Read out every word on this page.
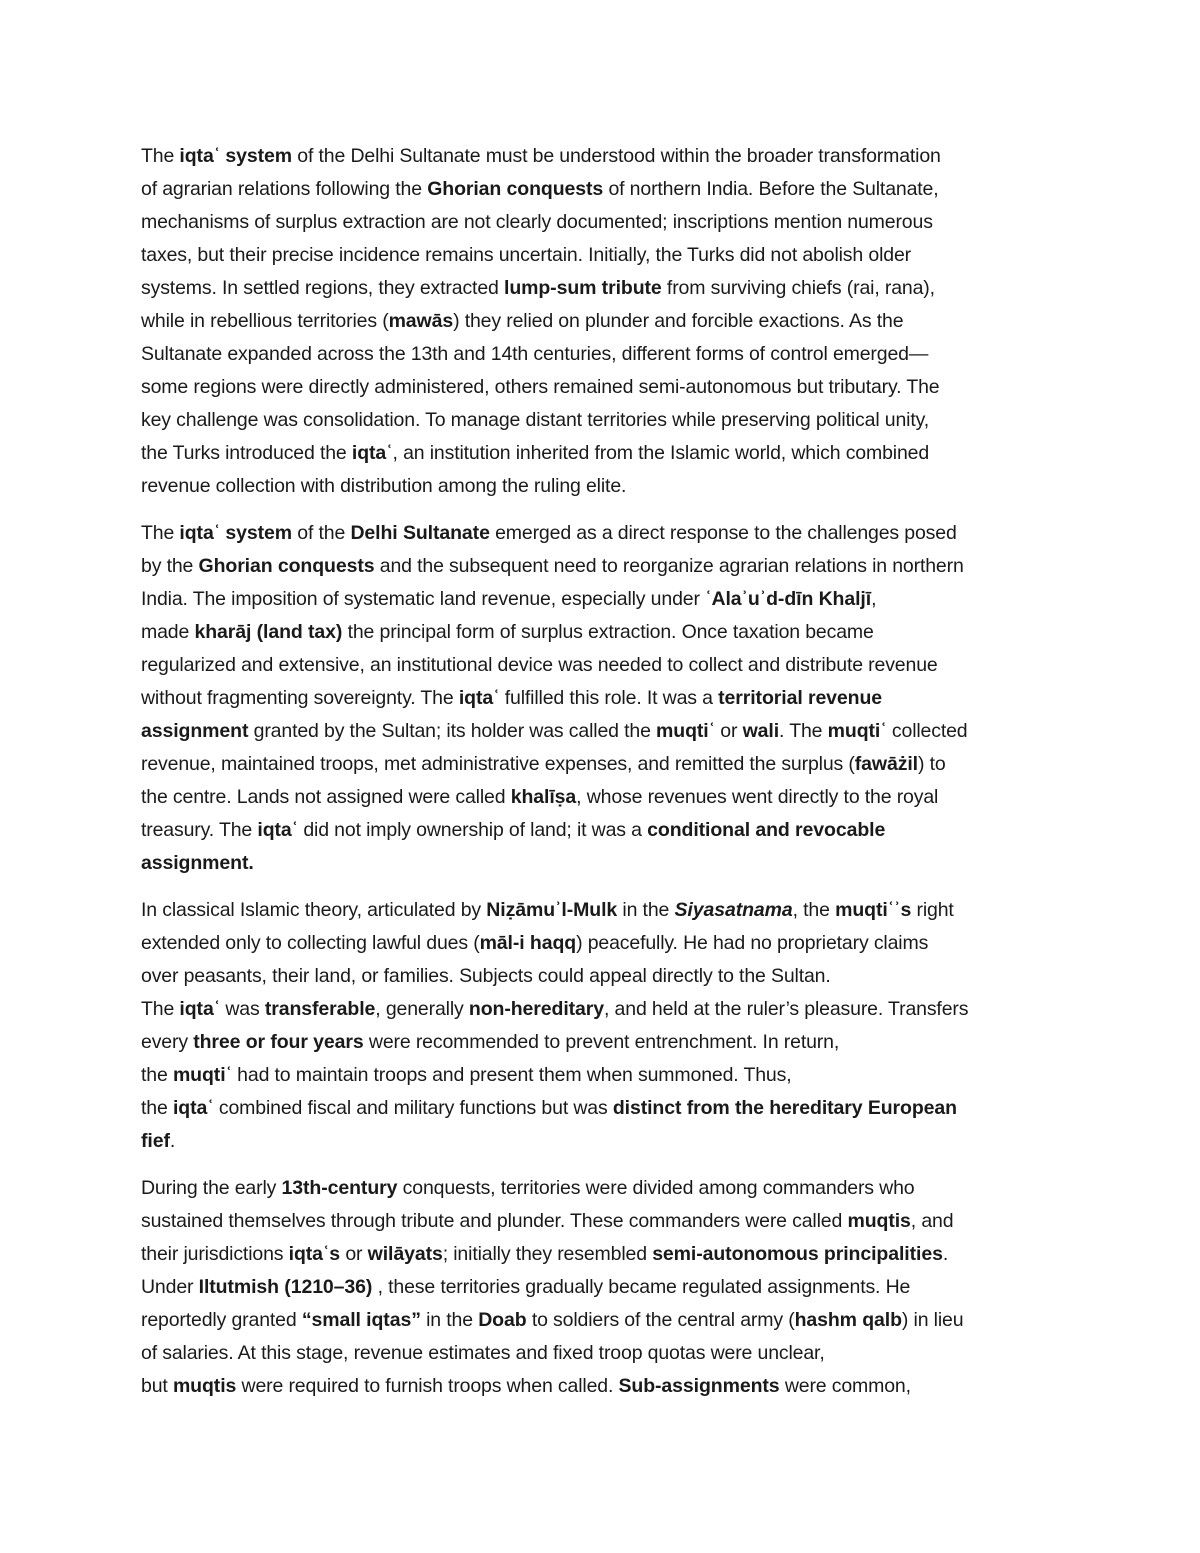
The iqtaʿ system of the Delhi Sultanate must be understood within the broader transformation
of agrarian relations following the Ghorian conquests of northern India. Before the Sultanate,
mechanisms of surplus extraction are not clearly documented; inscriptions mention numerous
taxes, but their precise incidence remains uncertain. Initially, the Turks did not abolish older
systems. In settled regions, they extracted lump-sum tribute from surviving chiefs (rai, rana),
while in rebellious territories (mawās) they relied on plunder and forcible exactions. As the
Sultanate expanded across the 13th and 14th centuries, different forms of control emerged—
some regions were directly administered, others remained semi-autonomous but tributary. The
key challenge was consolidation. To manage distant territories while preserving political unity,
the Turks introduced the iqtaʿ, an institution inherited from the Islamic world, which combined
revenue collection with distribution among the ruling elite.

The iqtaʿ system of the Delhi Sultanate emerged as a direct response to the challenges posed
by the Ghorian conquests and the subsequent need to reorganize agrarian relations in northern
India. The imposition of systematic land revenue, especially under ʿAlaʾuʾd-dīn Khaljī,
made kharāj (land tax) the principal form of surplus extraction. Once taxation became
regularized and extensive, an institutional device was needed to collect and distribute revenue
without fragmenting sovereignty. The iqtaʿ fulfilled this role. It was a territorial revenue
assignment granted by the Sultan; its holder was called the muqtiʿ or wali. The muqtiʿ collected
revenue, maintained troops, met administrative expenses, and remitted the surplus (fawāżil) to
the centre. Lands not assigned were called khalīṣa, whose revenues went directly to the royal
treasury. The iqtaʿ did not imply ownership of land; it was a conditional and revocable
assignment.

In classical Islamic theory, articulated by Niẓāmuʾl-Mulk in the Siyasatnama, the muqtiʿʾs right
extended only to collecting lawful dues (māl-i haqq) peacefully. He had no proprietary claims
over peasants, their land, or families. Subjects could appeal directly to the Sultan.
The iqtaʿ was transferable, generally non-hereditary, and held at the ruler’s pleasure. Transfers
every three or four years were recommended to prevent entrenchment. In return,
the muqtiʿ had to maintain troops and present them when summoned. Thus,
the iqtaʿ combined fiscal and military functions but was distinct from the hereditary European
fief.

During the early 13th-century conquests, territories were divided among commanders who
sustained themselves through tribute and plunder. These commanders were called muqtis, and
their jurisdictions iqtaʿs or wilāyats; initially they resembled semi-autonomous principalities.
Under Iltutmish (1210–36) , these territories gradually became regulated assignments. He
reportedly granted “small iqtas” in the Doab to soldiers of the central army (hashm qalb) in lieu
of salaries. At this stage, revenue estimates and fixed troop quotas were unclear,
but muqtis were required to furnish troops when called. Sub-assignments were common,
